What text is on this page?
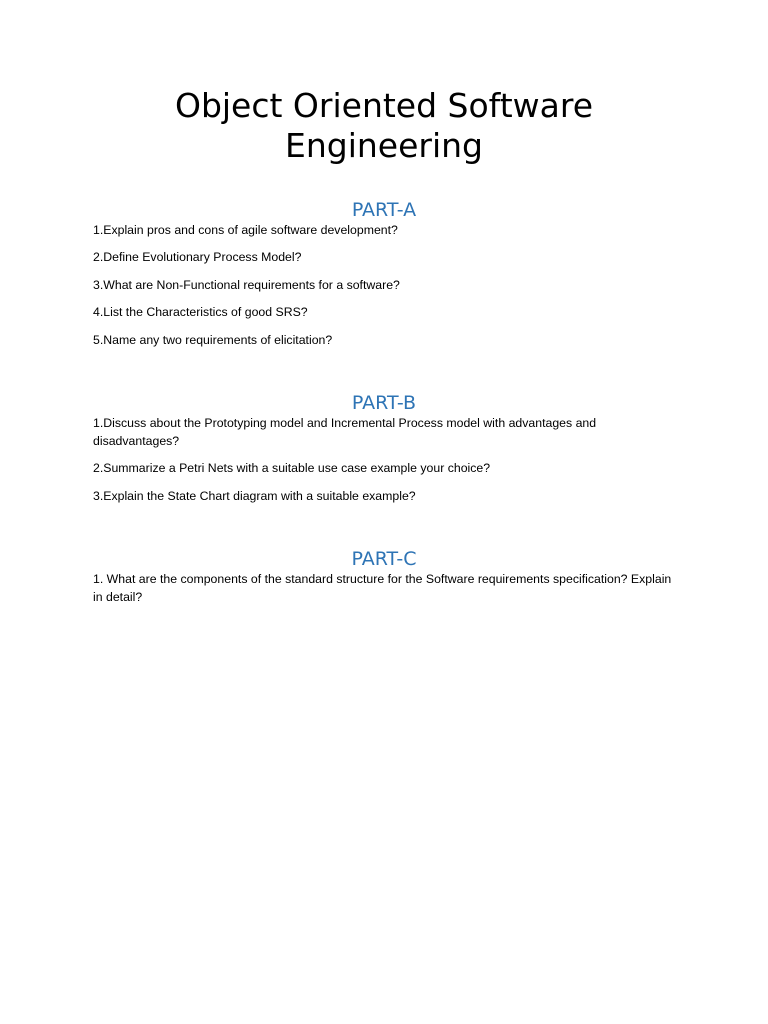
Object Oriented Software
Engineering
PART-A
1.Explain pros and cons of agile software development?
2.Define Evolutionary Process Model?
3.What are Non-Functional requirements for a software?
4.List the Characteristics of good SRS?
5.Name any two requirements of elicitation?
PART-B
1.Discuss about the Prototyping model and Incremental Process model with advantages and disadvantages?
2.Summarize a Petri Nets with a suitable use case example your choice?
3.Explain the State Chart diagram with a suitable example?
PART-C
1. What are the components of the standard structure for the Software requirements specification? Explain in detail?
